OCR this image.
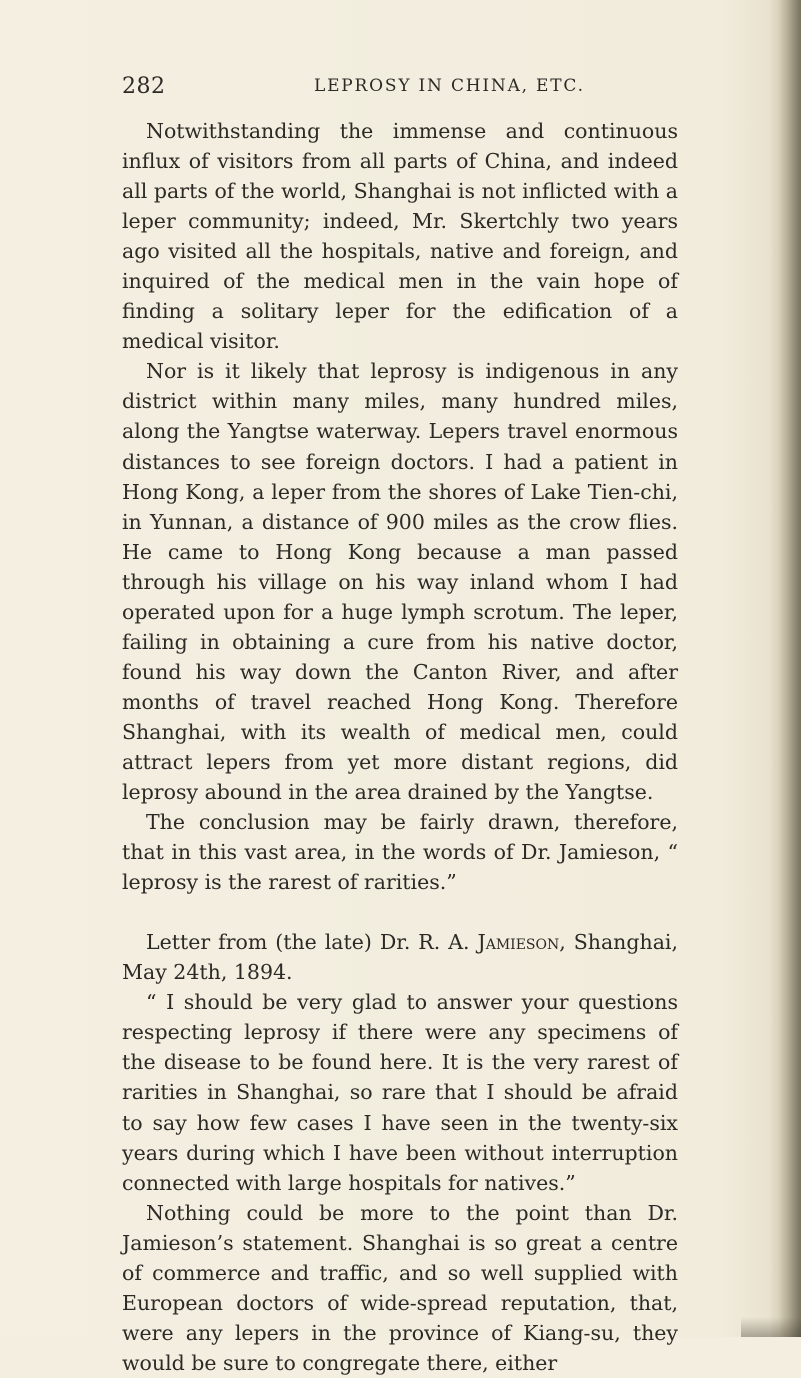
282	LEPROSY IN CHINA, ETC.

Notwithstanding the immense and continuous influx of visitors from all parts of China, and indeed all parts of the world, Shanghai is not inflicted with a leper community; indeed, Mr. Skertchly two years ago visited all the hospitals, native and foreign, and inquired of the medical men in the vain hope of finding a solitary leper for the edification of a medical visitor.

Nor is it likely that leprosy is indigenous in any district within many miles, many hundred miles, along the Yangtse waterway. Lepers travel enormous distances to see foreign doctors. I had a patient in Hong Kong, a leper from the shores of Lake Tien-chi, in Yunnan, a distance of 900 miles as the crow flies. He came to Hong Kong because a man passed through his village on his way inland whom I had operated upon for a huge lymph scrotum. The leper, failing in obtaining a cure from his native doctor, found his way down the Canton River, and after months of travel reached Hong Kong. Therefore Shanghai, with its wealth of medical men, could attract lepers from yet more distant regions, did leprosy abound in the area drained by the Yangtse.

The conclusion may be fairly drawn, therefore, that in this vast area, in the words of Dr. Jamieson, “ leprosy is the rarest of rarities.”

Letter from (the late) Dr. R. A. Jamieson, Shanghai, May 24th, 1894.

“ I should be very glad to answer your questions respecting leprosy if there were any specimens of the disease to be found here. It is the very rarest of rarities in Shanghai, so rare that I should be afraid to say how few cases I have seen in the twenty-six years during which I have been without interruption connected with large hospitals for natives.”

Nothing could be more to the point than Dr. Jamieson’s statement. Shanghai is so great a centre of commerce and traffic, and so well supplied with European doctors of wide-spread reputation, that, were any lepers in the province of Kiang-su, they would be sure to congregate there, either
